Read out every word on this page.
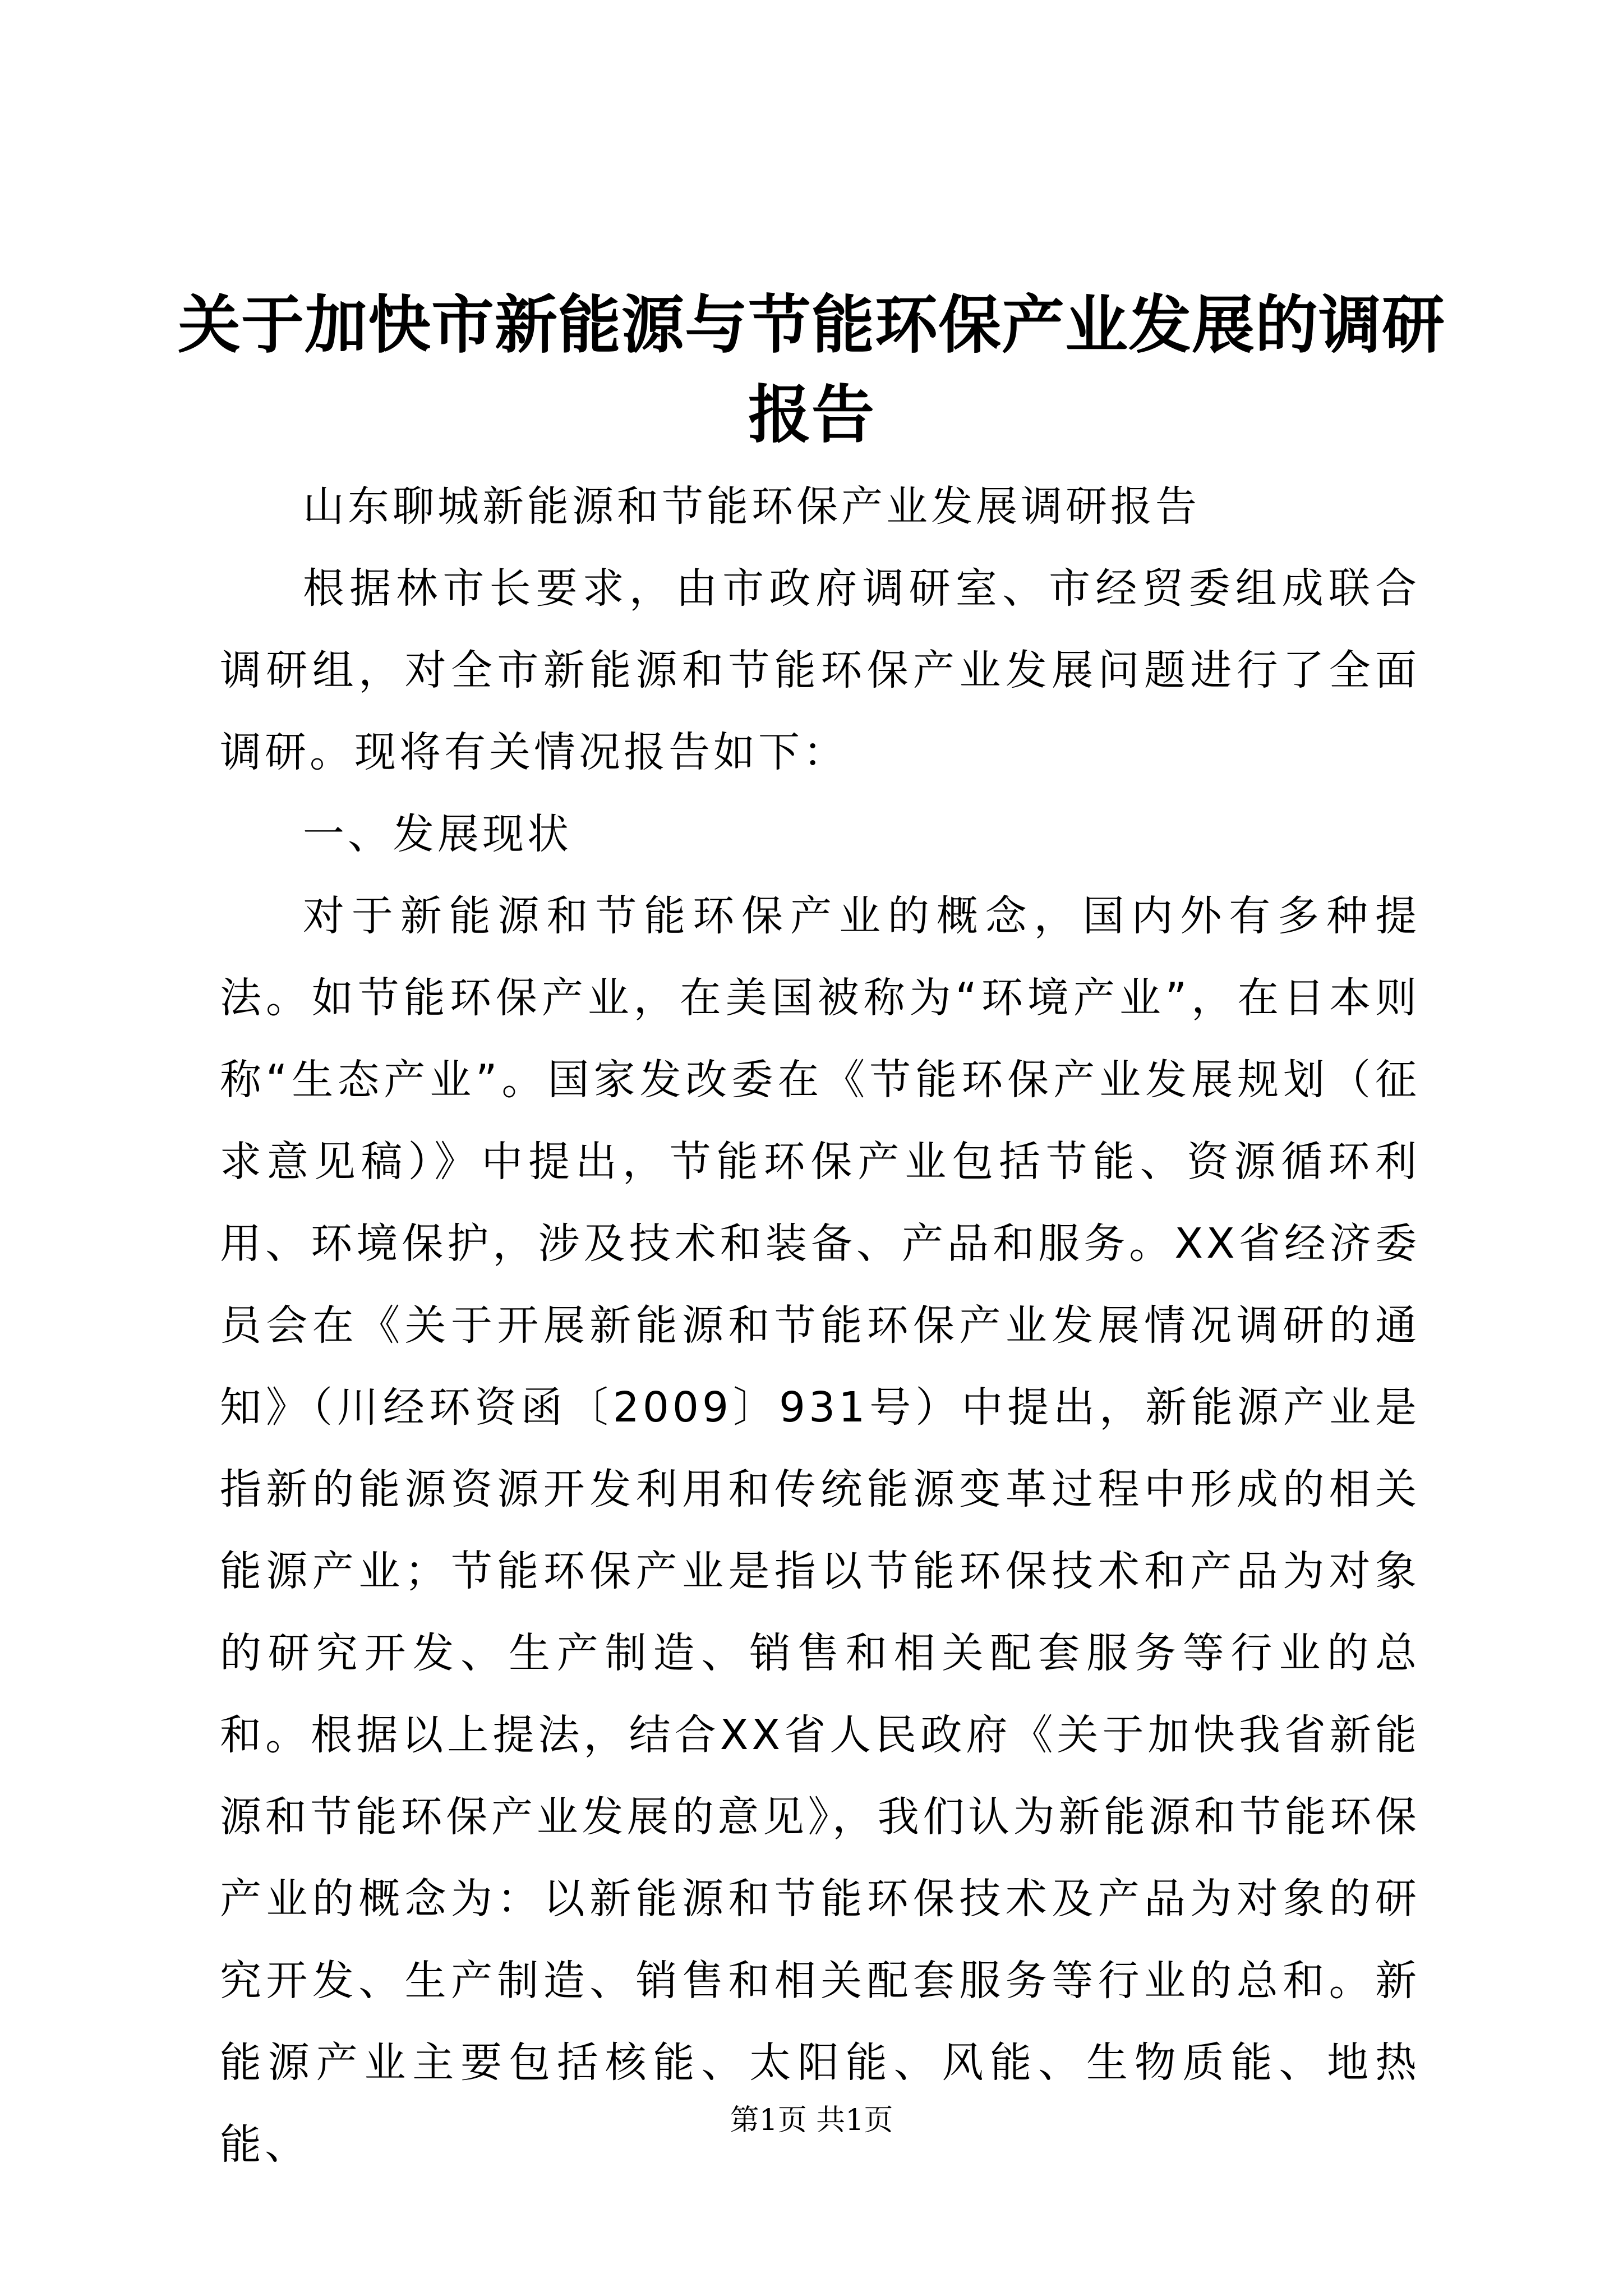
关于加快市新能源与节能环保产业发展的调研报告

山东聊城新能源和节能环保产业发展调研报告

根据林市长要求，由市政府调研室、市经贸委组成联合调研组，对全市新能源和节能环保产业发展问题进行了全面调研。现将有关情况报告如下：

一、发展现状

对于新能源和节能环保产业的概念，国内外有多种提法。如节能环保产业，在美国被称为“环境产业”，在日本则称“生态产业”。国家发改委在《节能环保产业发展规划（征求意见稿）》中提出，节能环保产业包括节能、资源循环利用、环境保护，涉及技术和装备、产品和服务。XX省经济委员会在《关于开展新能源和节能环保产业发展情况调研的通知》（川经环资函〔2009〕931号）中提出，新能源产业是指新的能源资源开发利用和传统能源变革过程中形成的相关能源产业；节能环保产业是指以节能环保技术和产品为对象的研究开发、生产制造、销售和相关配套服务等行业的总和。根据以上提法，结合XX省人民政府《关于加快我省新能源和节能环保产业发展的意见》，我们认为新能源和节能环保产业的概念为：以新能源和节能环保技术及产品为对象的研究开发、生产制造、销售和相关配套服务等行业的总和。新能源产业主要包括核能、太阳能、风能、生物质能、地热能、	第1页 共1页
